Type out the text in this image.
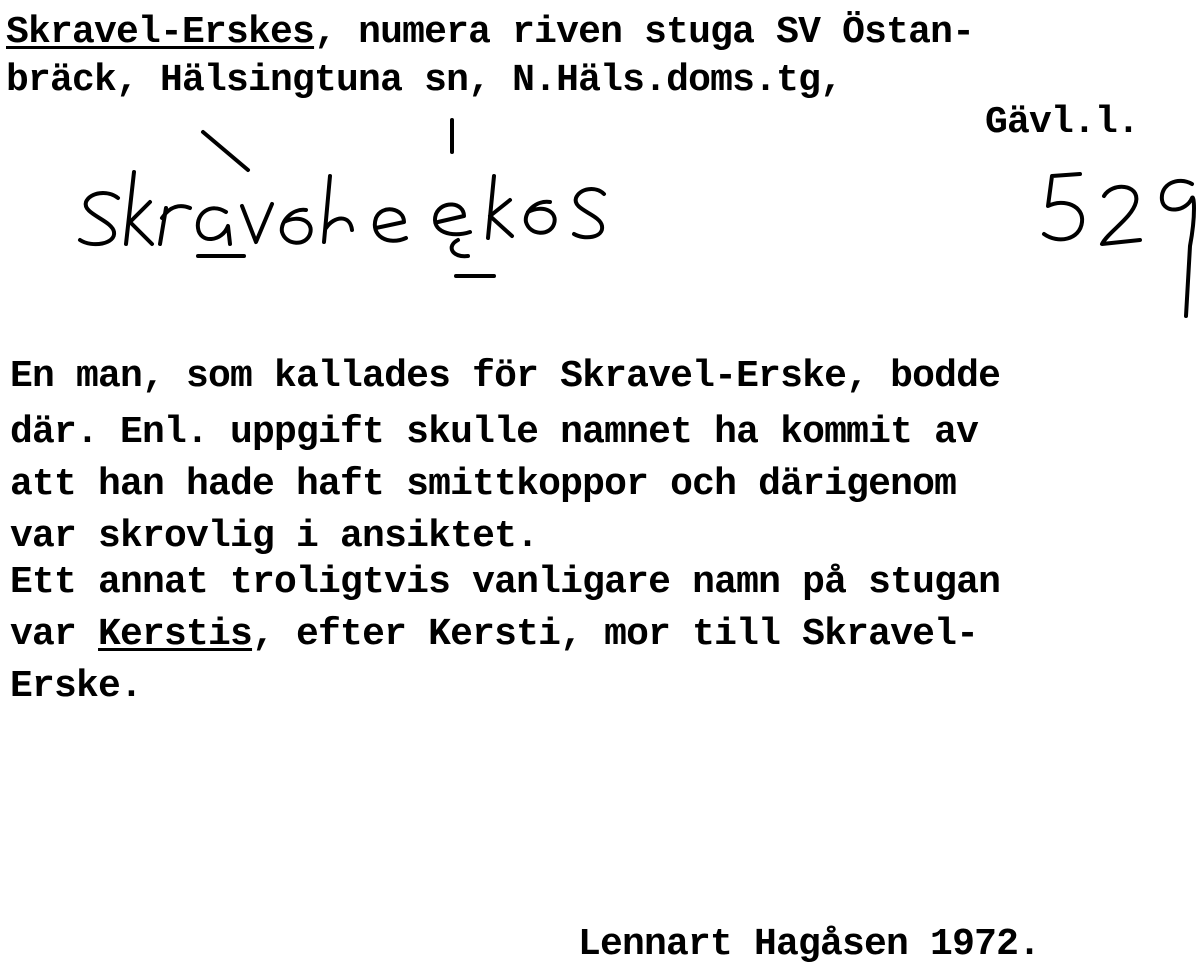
Skravel-Erskes, numera riven stuga SV Östan-

bräck, Hälsingtuna sn, N.Häls.doms.tg,

Gävl.l.

En man, som kallades för Skravel-Erske, bodde

där. Enl. uppgift skulle namnet ha kommit av

att han hade haft smittkoppor och därigenom

var skrovlig i ansiktet.

Ett annat troligtvis vanligare namn på stugan

var Kerstis, efter Kersti, mor till Skravel-

Erske.

Lennart Hagåsen 1972.
